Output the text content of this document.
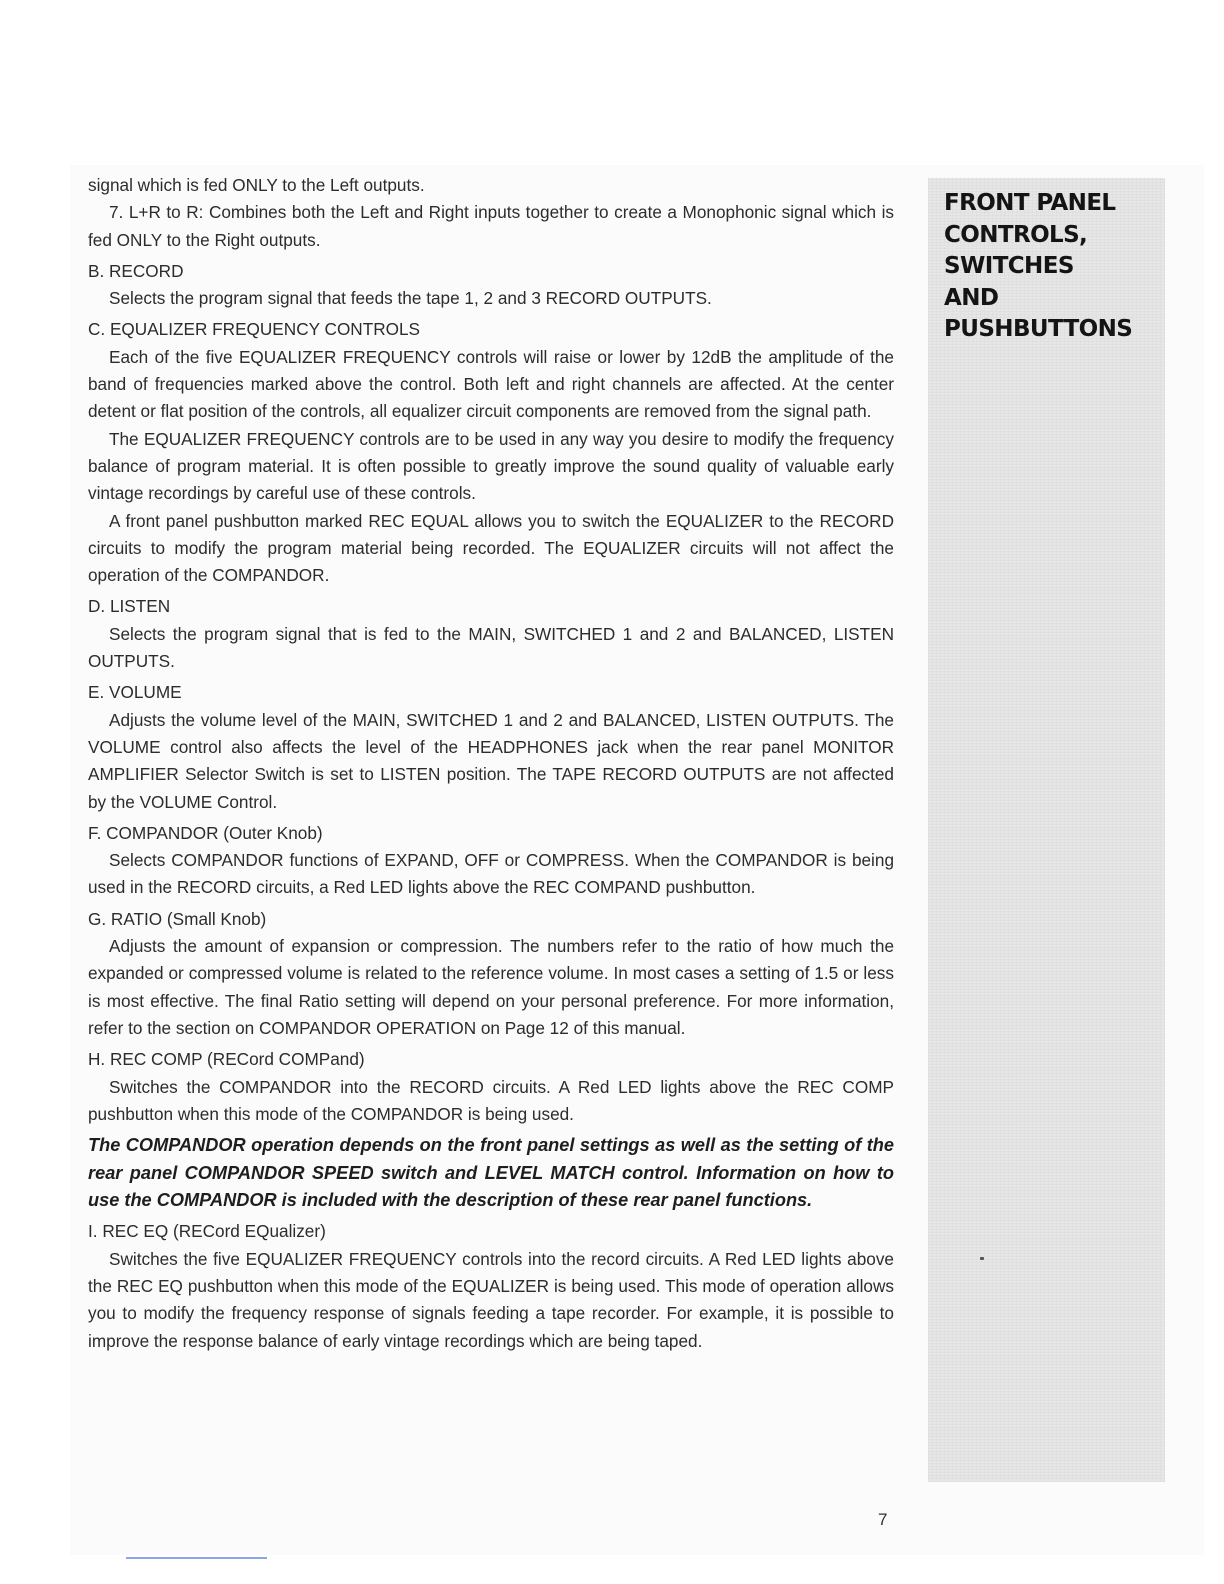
FRONT PANEL
CONTROLS,
SWITCHES
AND
PUSHBUTTONS

signal which is fed ONLY to the Left outputs.

7. L+R to R: Combines both the Left and Right inputs together to create a Monophonic signal which is fed ONLY to the Right outputs.

B. RECORD

Selects the program signal that feeds the tape 1, 2 and 3 RECORD OUTPUTS.

C. EQUALIZER FREQUENCY CONTROLS

Each of the five EQUALIZER FREQUENCY controls will raise or lower by 12dB the amplitude of the band of frequencies marked above the control. Both left and right channels are affected. At the center detent or flat position of the controls, all equalizer circuit components are removed from the signal path.

The EQUALIZER FREQUENCY controls are to be used in any way you desire to modify the frequency balance of program material. It is often possible to greatly improve the sound quality of valuable early vintage recordings by careful use of these controls.

A front panel pushbutton marked REC EQUAL allows you to switch the EQUALIZER to the RECORD circuits to modify the program material being recorded. The EQUALIZER circuits will not affect the operation of the COMPANDOR.

D. LISTEN

Selects the program signal that is fed to the MAIN, SWITCHED 1 and 2 and BALANCED, LISTEN OUTPUTS.

E. VOLUME

Adjusts the volume level of the MAIN, SWITCHED 1 and 2 and BALANCED, LISTEN OUTPUTS. The VOLUME control also affects the level of the HEADPHONES jack when the rear panel MONITOR AMPLIFIER Selector Switch is set to LISTEN position. The TAPE RECORD OUTPUTS are not affected by the VOLUME Control.

F. COMPANDOR (Outer Knob)

Selects COMPANDOR functions of EXPAND, OFF or COMPRESS. When the COMPANDOR is being used in the RECORD circuits, a Red LED lights above the REC COMPAND pushbutton.

G. RATIO (Small Knob)

Adjusts the amount of expansion or compression. The numbers refer to the ratio of how much the expanded or compressed volume is related to the reference volume. In most cases a setting of 1.5 or less is most effective. The final Ratio setting will depend on your personal preference. For more information, refer to the section on COMPANDOR OPERATION on Page 12 of this manual.

H. REC COMP (RECord COMPand)

Switches the COMPANDOR into the RECORD circuits. A Red LED lights above the REC COMP pushbutton when this mode of the COMPANDOR is being used.

The COMPANDOR operation depends on the front panel settings as well as the setting of the rear panel COMPANDOR SPEED switch and LEVEL MATCH control. Information on how to use the COMPANDOR is included with the description of these rear panel functions.

I. REC EQ (RECord EQualizer)

Switches the five EQUALIZER FREQUENCY controls into the record circuits. A Red LED lights above the REC EQ pushbutton when this mode of the EQUALIZER is being used. This mode of operation allows you to modify the frequency response of signals feeding a tape recorder. For example, it is possible to improve the response balance of early vintage recordings which are being taped.

7
